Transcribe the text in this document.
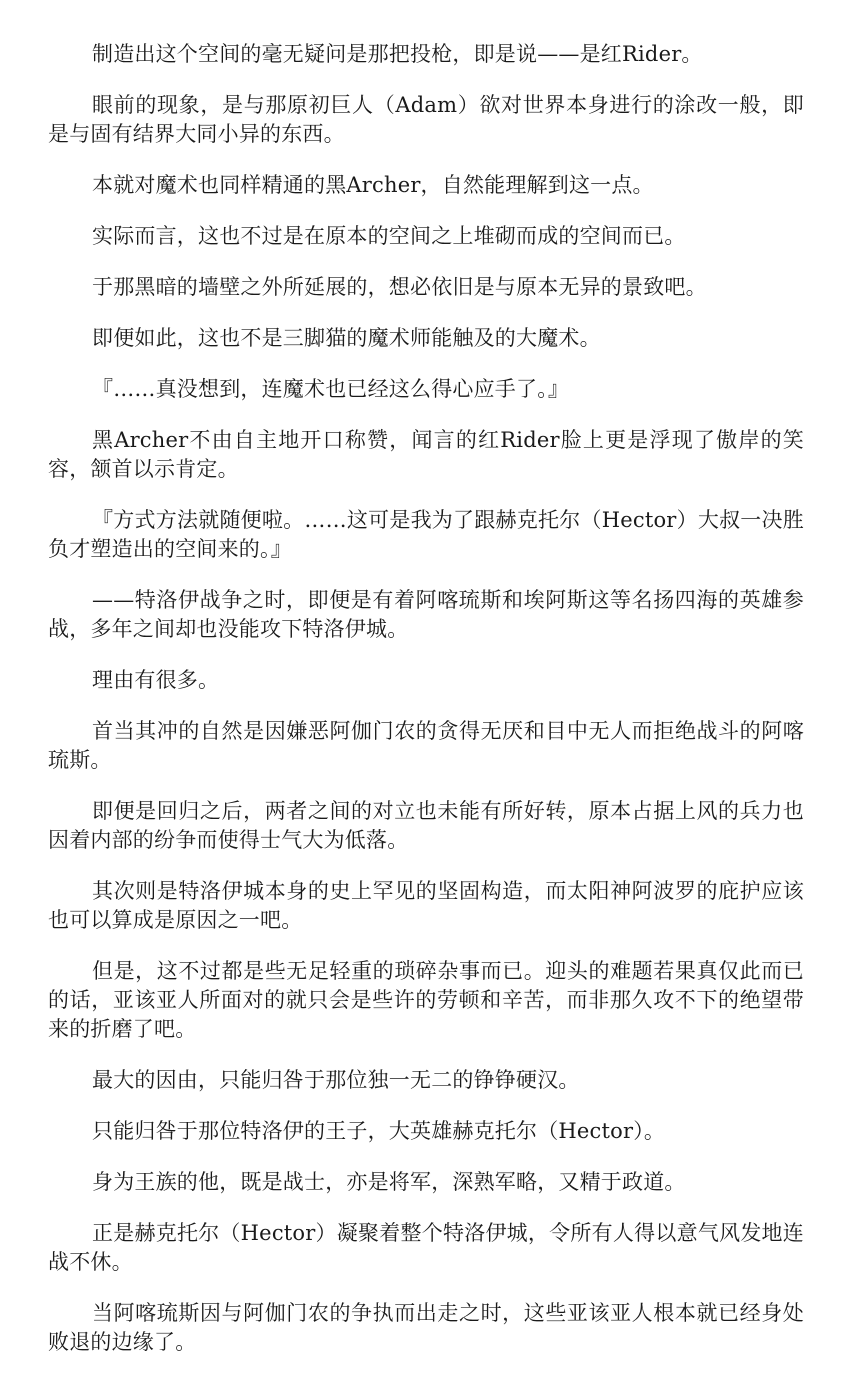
制造出这个空间的毫无疑问是那把投枪，即是说——是红Rider。

眼前的现象，是与那原初巨人（Adam）欲对世界本身进行的涂改一般，即是与固有结界大同小异的东西。

本就对魔术也同样精通的黑Archer，自然能理解到这一点。

实际而言，这也不过是在原本的空间之上堆砌而成的空间而已。

于那黑暗的墙壁之外所延展的，想必依旧是与原本无异的景致吧。

即便如此，这也不是三脚猫的魔术师能触及的大魔术。

『……真没想到，连魔术也已经这么得心应手了。』

黑Archer不由自主地开口称赞，闻言的红Rider脸上更是浮现了傲岸的笑容，颔首以示肯定。

『方式方法就随便啦。……这可是我为了跟赫克托尔（Hector）大叔一决胜负才塑造出的空间来的。』

——特洛伊战争之时，即便是有着阿喀琉斯和埃阿斯这等名扬四海的英雄参战，多年之间却也没能攻下特洛伊城。

理由有很多。

首当其冲的自然是因嫌恶阿伽门农的贪得无厌和目中无人而拒绝战斗的阿喀琉斯。

即便是回归之后，两者之间的对立也未能有所好转，原本占据上风的兵力也因着内部的纷争而使得士气大为低落。

其次则是特洛伊城本身的史上罕见的坚固构造，而太阳神阿波罗的庇护应该也可以算成是原因之一吧。

但是，这不过都是些无足轻重的琐碎杂事而已。迎头的难题若果真仅此而已的话，亚该亚人所面对的就只会是些许的劳顿和辛苦，而非那久攻不下的绝望带来的折磨了吧。

最大的因由，只能归咎于那位独一无二的铮铮硬汉。

只能归咎于那位特洛伊的王子，大英雄赫克托尔（Hector）。

身为王族的他，既是战士，亦是将军，深熟军略，又精于政道。

正是赫克托尔（Hector）凝聚着整个特洛伊城，令所有人得以意气风发地连战不休。

当阿喀琉斯因与阿伽门农的争执而出走之时，这些亚该亚人根本就已经身处败退的边缘了。
